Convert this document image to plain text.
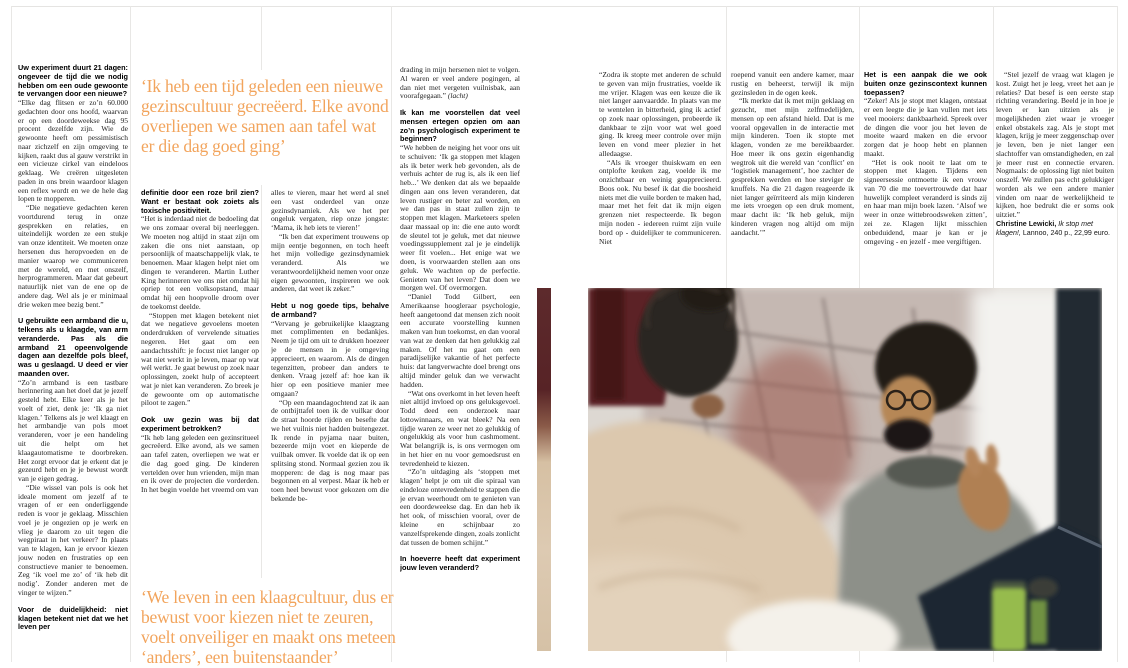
‘Ik heb een tijd geleden een nieuwe gezinscultuur gecreëerd. Elke avond overliepen we samen aan tafel wat er die dag goed ging’
‘We leven in een klaagcultuur, dus er bewust voor kiezen niet te zeuren, voelt onveiliger en maakt ons meteen ‘anders’, een buitenstaander’

Uw experiment duurt 21 dagen: ongeveer de tijd die we nodig hebben om een oude gewoonte te vervangen door een nieuwe?

“Elke dag flitsen er zo’n 60.000 gedachten door ons hoofd, waarvan er op een doordeweekse dag 95 procent dezelfde zijn. Wie de gewoonte heeft om pessimistisch naar zichzelf en zijn omgeving te kijken, raakt dus al gauw verstrikt in een vicieuze cirkel van eindeloos geklaag. We creëren uitgesleten paden in ons brein waardoor klagen een reflex wordt en we de hele dag lopen te mopperen.

“Die negatieve gedachten keren voortdurend terug in onze gesprekken en relaties, en uiteindelijk worden ze een stukje van onze identiteit. We moeten onze hersenen dus heropvoeden en de manier waarop we communiceren met de wereld, en met onszelf, herprogrammeren. Maar dat gebeurt natuurlijk niet van de ene op de andere dag. Wel als je er minimaal drie weken mee bezig bent.”

U gebruikte een armband die u, telkens als u klaagde, van arm veranderde. Pas als die armband 21 opeenvolgende dagen aan dezelfde pols bleef, was u geslaagd. U deed er vier maanden over.

“Zo’n armband is een tastbare herinnering aan het doel dat je jezelf gesteld hebt. Elke keer als je het voelt of ziet, denk je: ‘Ik ga niet klagen.’ Telkens als je wel klaagt en het armbandje van pols moet veranderen, voer je een handeling uit die helpt om het klaagautomatisme te doorbreken. Het zorgt ervoor dat je erkent dat je gezeurd hebt en je je bewust wordt van je eigen gedrag.

“Die wissel van pols is ook het ideale moment om jezelf af te vragen of er een onderliggende reden is voor je geklaag. Misschien voel je je ongezien op je werk en vlieg je daarom zo uit tegen die wegpiraat in het verkeer? In plaats van te klagen, kan je ervoor kiezen jouw noden en frustraties op een constructieve manier te benoemen. Zeg ‘ik voel me zo’ of ‘ik heb dit nodig’. Zonder anderen met de vinger te wijzen.”

Voor de duidelijkheid: niet klagen betekent niet dat we het leven per

definitie door een roze bril zien? Want er bestaat ook zoiets als toxische positiviteit.

“Het is inderdaad niet de bedoeling dat we ons zomaar overal bij neerleggen. We moeten nog altijd in staat zijn om zaken die ons niet aanstaan, op persoonlijk of maatschappelijk vlak, te benoemen. Maar klagen helpt niet om dingen te veranderen. Martin Luther King herinneren we ons niet omdat hij opriep tot een volksopstand, maar omdat hij een hoopvolle droom over de toekomst deelde.

“Stoppen met klagen betekent niet dat we negatieve gevoelens moeten onderdrukken of vervelende situaties negeren. Het gaat om een aandachtsshift: je focust niet langer op wat niet werkt in je leven, maar op wat wél werkt. Je gaat bewust op zoek naar oplossingen, zoekt hulp of accepteert wat je niet kan veranderen. Zo breek je de gewoonte om op automatische piloot te zagen.”

Ook uw gezin was bij dat experiment betrokken?

“Ik heb lang geleden een gezinsritueel gecreëerd. Elke avond, als we samen aan tafel zaten, overliepen we wat er die dag goed ging. De kinderen vertelden over hun vrienden, mijn man en ik over de projecten die vorderden. In het begin voelde het vreemd om van

alles te vieren, maar het werd al snel een vast onderdeel van onze gezinsdynamiek. Als we het per ongeluk vergaten, riep onze jongste: ‘Mama, ik heb iets te vieren!’

“Ik ben dat experiment trouwens op mijn eentje begonnen, en toch heeft het mijn volledige gezinsdynamiek veranderd. Als we verantwoordelijkheid nemen voor onze eigen gewoonten, inspireren we ook anderen, dat weet ik zeker.”

Hebt u nog goede tips, behalve de armband?

“Vervang je gebruikelijke klaagzang met complimenten en bedankjes. Neem je tijd om uit te drukken hoezeer je de mensen in je omgeving apprecieert, en waarom. Als de dingen tegenzitten, probeer dan anders te denken. Vraag jezelf af: hoe kan ik hier op een positieve manier mee omgaan?

“Op een maandagochtend zat ik aan de ontbijttafel toen ik de vuilkar door de straat hoorde rijden en besefte dat we het vuilnis niet hadden buitengezet. Ik rende in pyjama naar buiten, bezeerde mijn voet en kieperde de vuilbak omver. Ik voelde dat ik op een splitsing stond. Normaal gezien zou ik mopperen: de dag is nog maar pas begonnen en al verpest. Maar ik heb er toen heel bewust voor gekozen om die bekende be-

drading in mijn hersenen niet te volgen. Al waren er veel andere pogingen, al dan niet met vergeten vuilnisbak, aan voorafgegaan.” (lacht)

Ik kan me voorstellen dat veel mensen ertegen opzien om aan zo’n psychologisch experiment te beginnen?

“We hebben de neiging het voor ons uit te schuiven: ‘Ik ga stoppen met klagen als ik beter werk heb gevonden, als de verhuis achter de rug is, als ik een lief heb...’ We denken dat als we bepaalde dingen aan ons leven veranderen, dat leven rustiger en beter zal worden, en we dan pas in staat zullen zijn te stoppen met klagen. Marketeers spelen daar massaal op in: die ene auto wordt de sleutel tot je geluk, met dat nieuwe voedingssupplement zal je je eindelijk weer fit voelen... Het enige wat we doen, is voorwaarden stellen aan ons geluk. We wachten op de perfectie. Genieten van het leven? Dat doen we morgen wel. Of overmorgen.

“Daniel Todd Gilbert, een Amerikaanse hoogleraar psychologie, heeft aangetoond dat mensen zich nooit een accurate voorstelling kunnen maken van hun toekomst, en dan vooral van wat ze denken dat hen gelukkig zal maken. Of het nu gaat om een paradijselijke vakantie of het perfecte huis: dat langverwachte doel brengt ons altijd minder geluk dan we verwacht hadden.

“Wat ons overkomt in het leven heeft niet altijd invloed op ons geluksgevoel. Todd deed een onderzoek naar lottowinnaars, en wat bleek? Na een tijdje waren ze weer net zo gelukkig of ongelukkig als voor hun cashmoment. Wat belangrijk is, is ons vermogen om in het hier en nu voor gemoedsrust en tevredenheid te kiezen.

“Zo’n uitdaging als ‘stoppen met klagen’ helpt je om uit die spiraal van eindeloze ontevredenheid te stappen die je ervan weerhoudt om te genieten van een doordeweekse dag. En dan heb ik het ook, of misschien vooral, over de kleine en schijnbaar zo vanzelfsprekende dingen, zoals zonlicht dat tussen de bomen schijnt.”

In hoeverre heeft dat experiment jouw leven veranderd?

“Zodra ik stopte met anderen de schuld te geven van mijn frustraties, voelde ik me vrijer. Klagen was een keuze die ik niet langer aanvaardde. In plaats van me te wentelen in bitterheid, ging ik actief op zoek naar oplossingen, probeerde ik dankbaar te zijn voor wat wel goed ging. Ik kreeg meer controle over mijn leven en vond meer plezier in het alledaagse.

“Als ik vroeger thuiskwam en een ontplofte keuken zag, voelde ik me onzichtbaar en weinig geapprecieerd. Boos ook. Nu besef ik dat die boosheid niets met die vuile borden te maken had, maar met het feit dat ik mijn eigen grenzen niet respecteerde. Ik begon mijn noden - iedereen ruimt zijn vuile bord op - duidelijker te communiceren. Niet

roepend vanuit een andere kamer, maar rustig en beheerst, terwijl ik mijn gezinsleden in de ogen keek.

“Ik merkte dat ik met mijn geklaag en gezucht, met mijn zelfmedelijden, mensen op een afstand hield. Dat is me vooral opgevallen in de interactie met mijn kinderen. Toen ik stopte met klagen, vonden ze me bereikbaarder. Hoe meer ik ons gezin eigenhandig wegtrok uit die wereld van ‘conflict’ en ‘logistiek management’, hoe zachter de gesprekken werden en hoe steviger de knuffels. Na die 21 dagen reageerde ik niet langer geïrriteerd als mijn kinderen me iets vroegen op een druk moment, maar dacht ik: ‘Ik heb geluk, mijn kinderen vragen nog altijd om mijn aandacht.’”

Het is een aanpak die we ook buiten onze gezinscontext kunnen toepassen?

“Zeker! Als je stopt met klagen, ontstaat er een leegte die je kan vullen met iets veel mooiers: dankbaarheid. Spreek over de dingen die voor jou het leven de moeite waard maken en die ervoor zorgen dat je hoop hebt en plannen maakt.

“Het is ook nooit te laat om te stoppen met klagen. Tijdens een signeersessie ontmoette ik een vrouw van 70 die me toevertrouwde dat haar huwelijk compleet veranderd is sinds zij en haar man mijn boek lazen. ‘Alsof we weer in onze wittebroodsweken zitten’, zei ze. Klagen lijkt misschien onbeduidend, maar je kan er je omgeving - en jezelf - mee vergiftigen.

“Stel jezelf de vraag wat klagen je kost. Zuigt het je leeg, vreet het aan je relaties? Dat besef is een eerste stap richting verandering. Beeld je in hoe je leven er kan uitzien als je mogelijkheden ziet waar je vroeger enkel obstakels zag. Als je stopt met klagen, krijg je meer zeggenschap over je leven, ben je niet langer een slachtoffer van omstandigheden, en zal je meer rust en connectie ervaren. Nogmaals: de oplossing ligt niet buiten onszelf. We zullen pas echt gelukkiger worden als we een andere manier vinden om naar de werkelijkheid te kijken, hoe bedrukt die er soms ook uitziet.”

Christine Lewicki, Ik stop met klagen!, Lannoo, 240 p., 22,99 euro.
